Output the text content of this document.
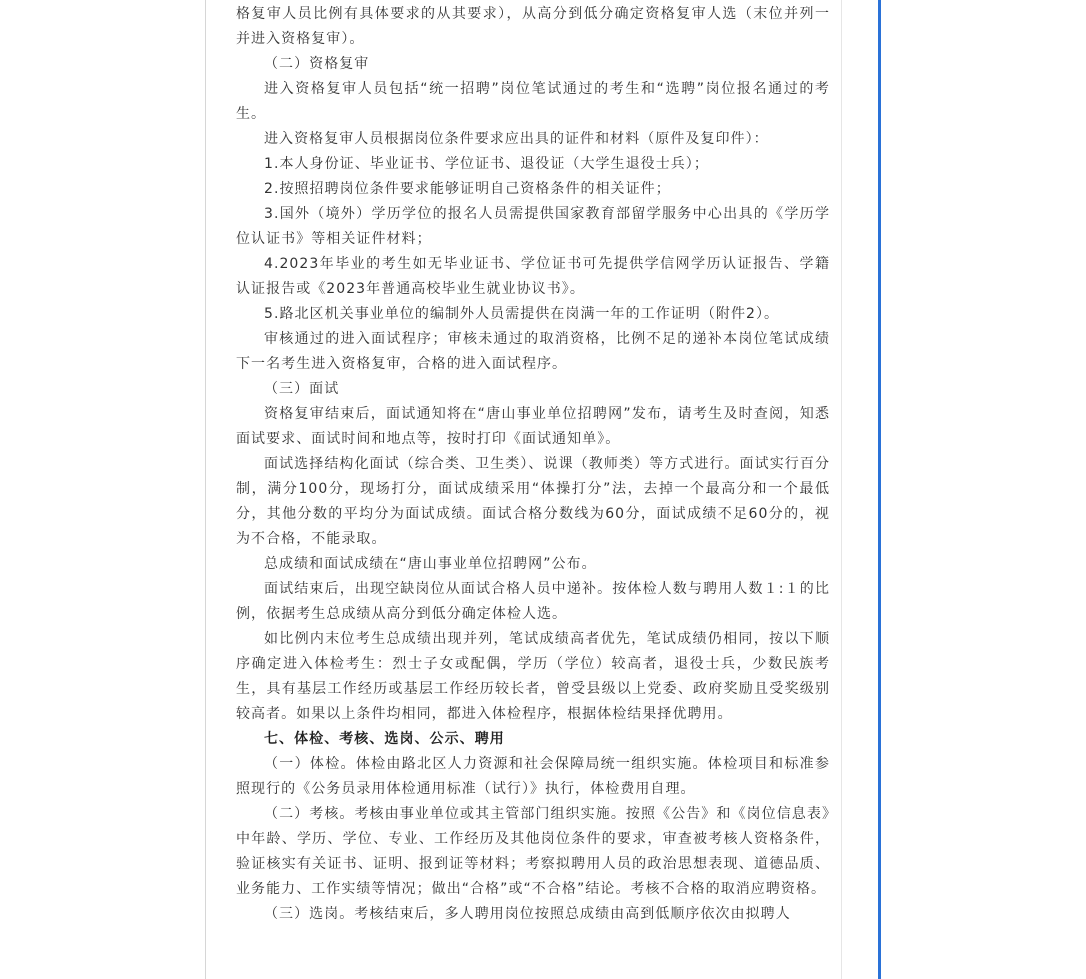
格复审人员比例有具体要求的从其要求），从高分到低分确定资格复审人选（末位并列一并进入资格复审）。

（二）资格复审

进入资格复审人员包括“统一招聘”岗位笔试通过的考生和“选聘”岗位报名通过的考生。

进入资格复审人员根据岗位条件要求应出具的证件和材料（原件及复印件）：

1.本人身份证、毕业证书、学位证书、退役证（大学生退役士兵）；

2.按照招聘岗位条件要求能够证明自己资格条件的相关证件；

3.国外（境外）学历学位的报名人员需提供国家教育部留学服务中心出具的《学历学位认证书》等相关证件材料；

4.2023年毕业的考生如无毕业证书、学位证书可先提供学信网学历认证报告、学籍认证报告或《2023年普通高校毕业生就业协议书》。

5.路北区机关事业单位的编制外人员需提供在岗满一年的工作证明（附件2）。

审核通过的进入面试程序；审核未通过的取消资格，比例不足的递补本岗位笔试成绩下一名考生进入资格复审，合格的进入面试程序。

（三）面试

资格复审结束后，面试通知将在“唐山事业单位招聘网”发布，请考生及时查阅，知悉面试要求、面试时间和地点等，按时打印《面试通知单》。

面试选择结构化面试（综合类、卫生类）、说课（教师类）等方式进行。面试实行百分制，满分100分，现场打分，面试成绩采用“体操打分”法，去掉一个最高分和一个最低分，其他分数的平均分为面试成绩。面试合格分数线为60分，面试成绩不足60分的，视为不合格，不能录取。

总成绩和面试成绩在“唐山事业单位招聘网”公布。

面试结束后，出现空缺岗位从面试合格人员中递补。按体检人数与聘用人数１:１的比例，依据考生总成绩从高分到低分确定体检人选。

如比例内末位考生总成绩出现并列，笔试成绩高者优先，笔试成绩仍相同，按以下顺序确定进入体检考生：烈士子女或配偶，学历（学位）较高者，退役士兵，少数民族考生，具有基层工作经历或基层工作经历较长者，曾受县级以上党委、政府奖励且受奖级别较高者。如果以上条件均相同，都进入体检程序，根据体检结果择优聘用。

七、体检、考核、选岗、公示、聘用

（一）体检。体检由路北区人力资源和社会保障局统一组织实施。体检项目和标准参照现行的《公务员录用体检通用标准（试行）》执行，体检费用自理。

（二）考核。考核由事业单位或其主管部门组织实施。按照《公告》和《岗位信息表》中年龄、学历、学位、专业、工作经历及其他岗位条件的要求，审查被考核人资格条件，验证核实有关证书、证明、报到证等材料；考察拟聘用人员的政治思想表现、道德品质、业务能力、工作实绩等情况；做出“合格”或“不合格”结论。考核不合格的取消应聘资格。

（三）选岗。考核结束后，多人聘用岗位按照总成绩由高到低顺序依次由拟聘人
